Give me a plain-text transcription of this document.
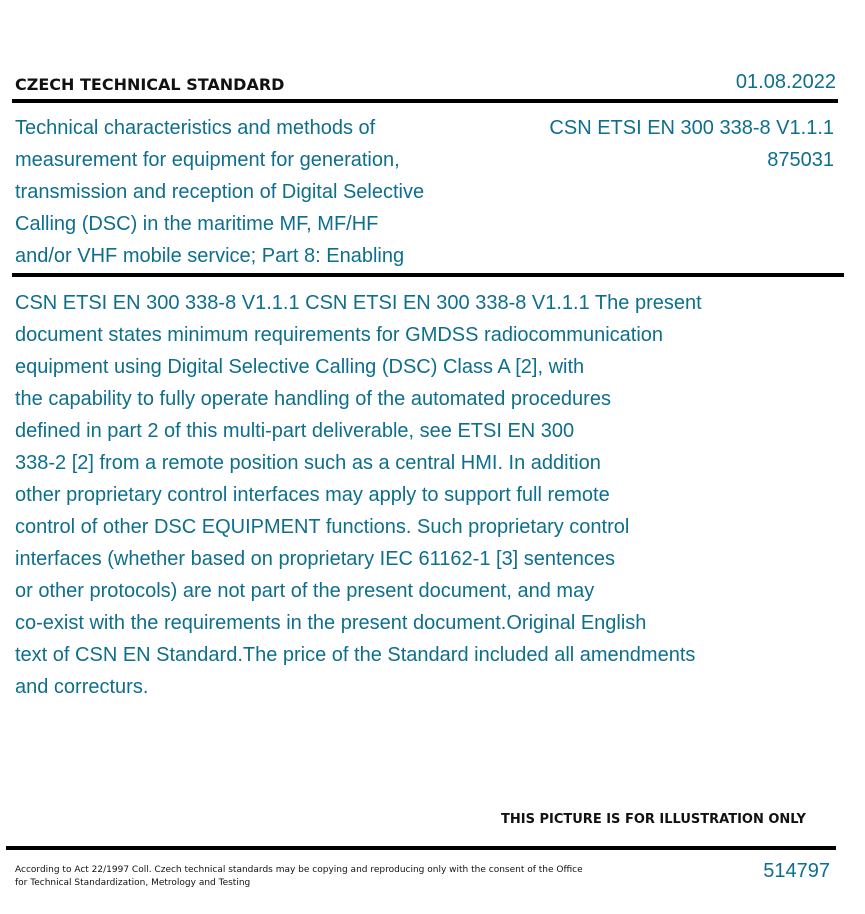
CZECH TECHNICAL STANDARD	01.08.2022
Technical characteristics and methods of
measurement for equipment for generation,
transmission and reception of Digital Selective
Calling (DSC) in the maritime MF, MF/HF
and/or VHF mobile service; Part 8: Enabling
CSN ETSI EN 300 338-8 V1.1.1
875031
CSN ETSI EN 300 338-8 V1.1.1 CSN ETSI EN 300 338-8 V1.1.1 The present
document states minimum requirements for GMDSS radiocommunication
equipment using Digital Selective Calling (DSC) Class A [2], with
the capability to fully operate handling of the automated procedures
defined in part 2 of this multi-part deliverable, see ETSI EN 300
338-2 [2] from a remote position such as a central HMI. In addition
other proprietary control interfaces may apply to support full remote
control of other DSC EQUIPMENT functions. Such proprietary control
interfaces (whether based on proprietary IEC 61162-1 [3] sentences
or other protocols) are not part of the present document, and may
co-exist with the requirements in the present document.Original English
text of CSN EN Standard.The price of the Standard included all amendments
and correcturs.
THIS PICTURE IS FOR ILLUSTRATION ONLY
According to Act 22/1997 Coll. Czech technical standards may be copying and reproducing only with the consent of the Office
for Technical Standardization, Metrology and Testing
514797
